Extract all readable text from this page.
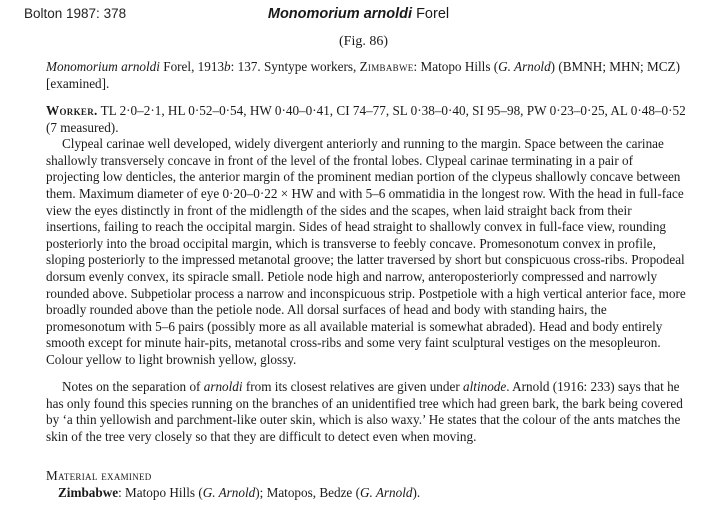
Bolton 1987: 378	Monomorium arnoldi Forel
(Fig. 86)

Monomorium arnoldi Forel, 1913b: 137. Syntype workers, Zimbabwe: Matopo Hills (G. Arnold) (BMNH; MHN; MCZ) [examined].

Worker. TL 2·0–2·1, HL 0·52–0·54, HW 0·40–0·41, CI 74–77, SL 0·38–0·40, SI 95–98, PW 0·23–0·25, AL 0·48–0·52 (7 measured).

Clypeal carinae well developed, widely divergent anteriorly and running to the margin. Space between the carinae shallowly transversely concave in front of the level of the frontal lobes. Clypeal carinae terminating in a pair of projecting low denticles, the anterior margin of the prominent median portion of the clypeus shallowly concave between them. Maximum diameter of eye 0·20–0·22 × HW and with 5–6 ommatidia in the longest row. With the head in full-face view the eyes distinctly in front of the midlength of the sides and the scapes, when laid straight back from their insertions, failing to reach the occipital margin. Sides of head straight to shallowly convex in full-face view, rounding posteriorly into the broad occipital margin, which is transverse to feebly concave. Promesonotum convex in profile, sloping posteriorly to the impressed metanotal groove; the latter traversed by short but conspicuous cross-ribs. Propodeal dorsum evenly convex, its spiracle small. Petiole node high and narrow, anteroposteriorly compressed and narrowly rounded above. Subpetiolar process a narrow and inconspicuous strip. Postpetiole with a high vertical anterior face, more broadly rounded above than the petiole node. All dorsal surfaces of head and body with standing hairs, the promesonotum with 5–6 pairs (possibly more as all available material is somewhat abraded). Head and body entirely smooth except for minute hair-pits, metanotal cross-ribs and some very faint sculptural vestiges on the mesopleuron. Colour yellow to light brownish yellow, glossy.

Notes on the separation of arnoldi from its closest relatives are given under altinode. Arnold (1916: 233) says that he has only found this species running on the branches of an unidentified tree which had green bark, the bark being covered by ‘a thin yellowish and parchment-like outer skin, which is also waxy.’ He states that the colour of the ants matches the skin of the tree very closely so that they are difficult to detect even when moving.

Material examined

Zimbabwe: Matopo Hills (G. Arnold); Matopos, Bedze (G. Arnold).
